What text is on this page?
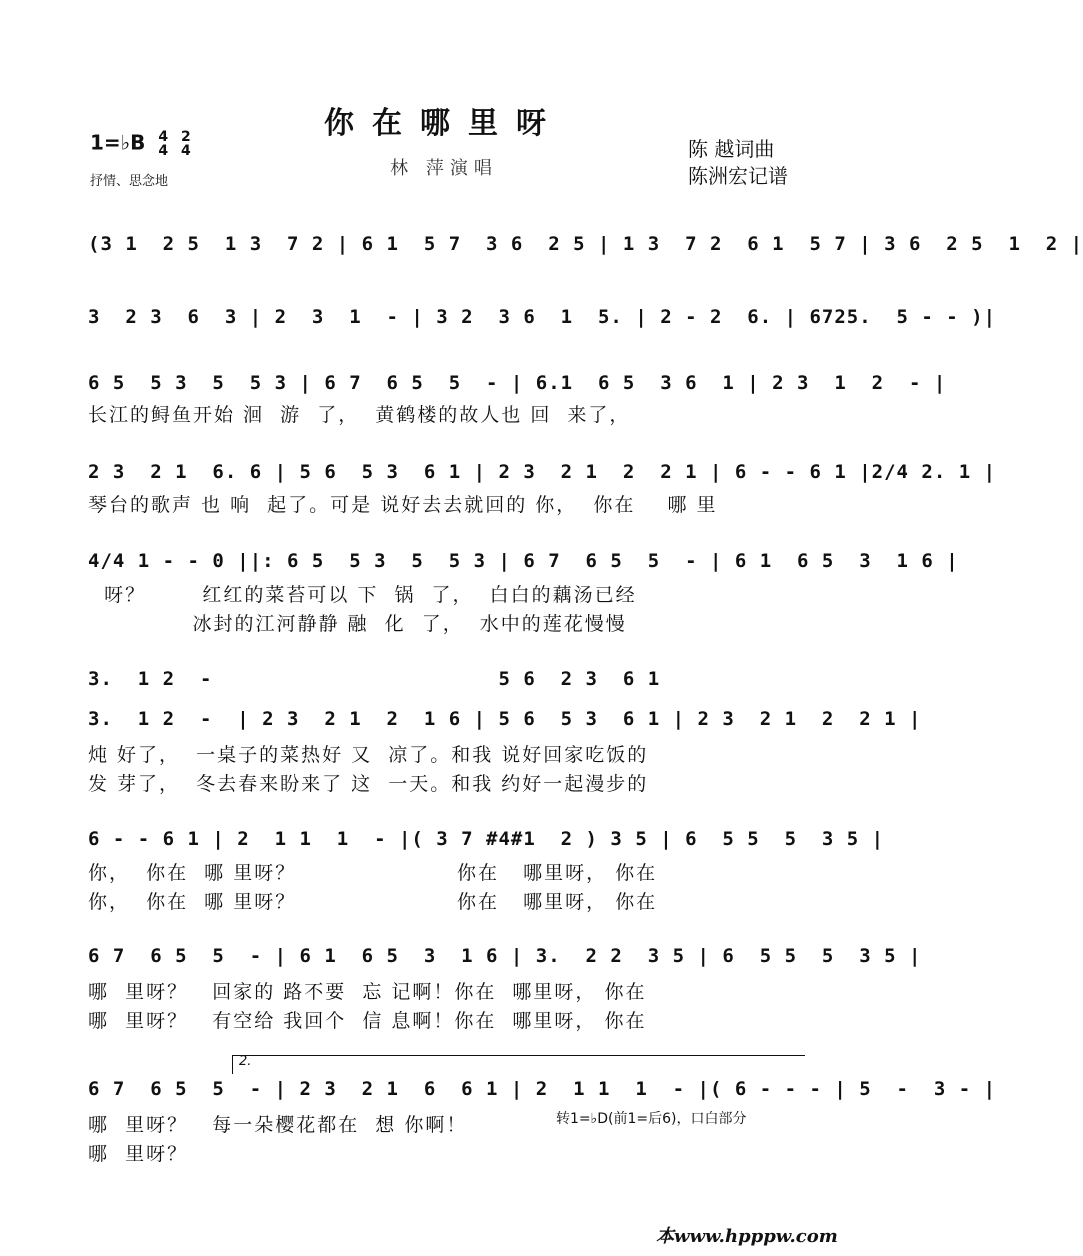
你在哪里呀
林 萍演唱
1=♭B 4
4 2
4
抒情、思念地
陈 越词曲
陈洲宏记谱
(3 1  2 5  1 3  7 2 | 6 1  5 7  3 6  2 5 | 1 3  7 2  6 1  5 7 | 3 6  2 5  1  2 |
3  2 3  6  3 | 2  3  1  - | 3 2  3 6  1  5. | 2 - 2  6. | 6725.  5 - - )|
6 5  5 3  5  5 3 | 6 7  6 5  5  - | 6.1  6 5  3 6  1 | 2 3  1  2  - |
长江的鲟鱼开始 洄  游  了，  黄鹤楼的故人也 回  来了，
2 3  2 1  6. 6 | 5 6  5 3  6 1 | 2 3  2 1  2  2 1 | 6 - - 6 1 |2/4 2. 1 |
琴台的歌声 也 响  起了。可是 说好去去就回的 你，  你在    哪 里
4/4 1 - - 0 ||: 6 5  5 3  5  5 3 | 6 7  6 5  5  - | 6 1  6 5  3  1 6 |
呀？       红红的菜苔可以 下  锅  了，  白白的藕汤已经
冰封的江河静静 融  化  了，  水中的莲花慢慢
3.  1 2  -                       5 6  2 3  6 1
3.  1 2  -  | 2 3  2 1  2  1 6 | 5 6  5 3  6 1 | 2 3  2 1  2  2 1 |
炖 好了，  一桌子的菜热好 又  凉了。和我 说好回家吃饭的
发 芽了，  冬去春来盼来了 这  一天。和我 约好一起漫步的
6 - - 6 1 | 2  1 1  1  - |( 3 7 #4#1  2 ) 3 5 | 6  5 5  5  3 5 |
你，  你在  哪 里呀？                    你在   哪里呀， 你在
你，  你在  哪 里呀？                    你在   哪里呀， 你在
6 7  6 5  5  - | 6 1  6 5  3  1 6 | 3.  2 2  3 5 | 6  5 5  5  3 5 |
哪  里呀？   回家的 路不要  忘 记啊！你在  哪里呀， 你在
哪  里呀？   有空给 我回个  信 息啊！你在  哪里呀， 你在
2.
6 7  6 5  5  - | 2 3  2 1  6  6 1 | 2  1 1  1  - |( 6 - - - | 5  -  3 - |
哪  里呀？   每一朵樱花都在  想 你啊！
哪  里呀？
转1=♭D(前1=后6)，口白部分
本www.hpppw.com
